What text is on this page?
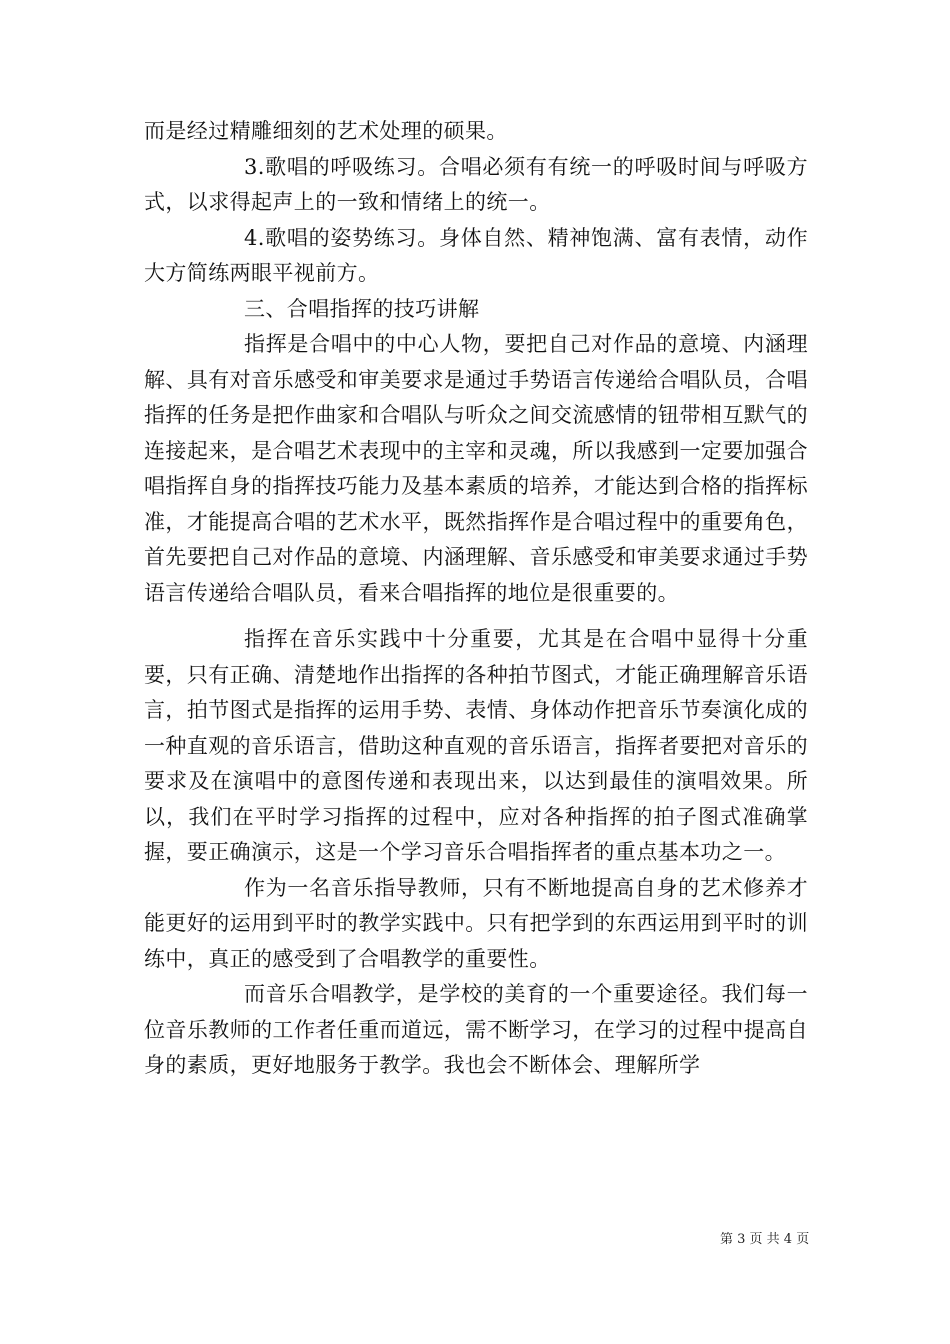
而是经过精雕细刻的艺术处理的硕果。

3.歌唱的呼吸练习。合唱必须有有统一的呼吸时间与呼吸方式，以求得起声上的一致和情绪上的统一。

4.歌唱的姿势练习。身体自然、精神饱满、富有表情，动作大方简练两眼平视前方。

三、合唱指挥的技巧讲解

指挥是合唱中的中心人物，要把自己对作品的意境、内涵理解、具有对音乐感受和审美要求是通过手势语言传递给合唱队员，合唱指挥的任务是把作曲家和合唱队与听众之间交流感情的钮带相互默气的连接起来，是合唱艺术表现中的主宰和灵魂，所以我感到一定要加强合唱指挥自身的指挥技巧能力及基本素质的培养，才能达到合格的指挥标准，才能提高合唱的艺术水平，既然指挥作是合唱过程中的重要角色，首先要把自己对作品的意境、内涵理解、音乐感受和审美要求通过手势语言传递给合唱队员，看来合唱指挥的地位是很重要的。

指挥在音乐实践中十分重要，尤其是在合唱中显得十分重要，只有正确、清楚地作出指挥的各种拍节图式，才能正确理解音乐语言，拍节图式是指挥的运用手势、表情、身体动作把音乐节奏演化成的一种直观的音乐语言，借助这种直观的音乐语言，指挥者要把对音乐的要求及在演唱中的意图传递和表现出来，以达到最佳的演唱效果。所以，我们在平时学习指挥的过程中，应对各种指挥的拍子图式准确掌握，要正确演示，这是一个学习音乐合唱指挥者的重点基本功之一。

作为一名音乐指导教师，只有不断地提高自身的艺术修养才能更好的运用到平时的教学实践中。只有把学到的东西运用到平时的训练中，真正的感受到了合唱教学的重要性。

而音乐合唱教学，是学校的美育的一个重要途径。我们每一位音乐教师的工作者任重而道远，需不断学习，在学习的过程中提高自身的素质，更好地服务于教学。我也会不断体会、理解所学

第 3 页 共 4 页
